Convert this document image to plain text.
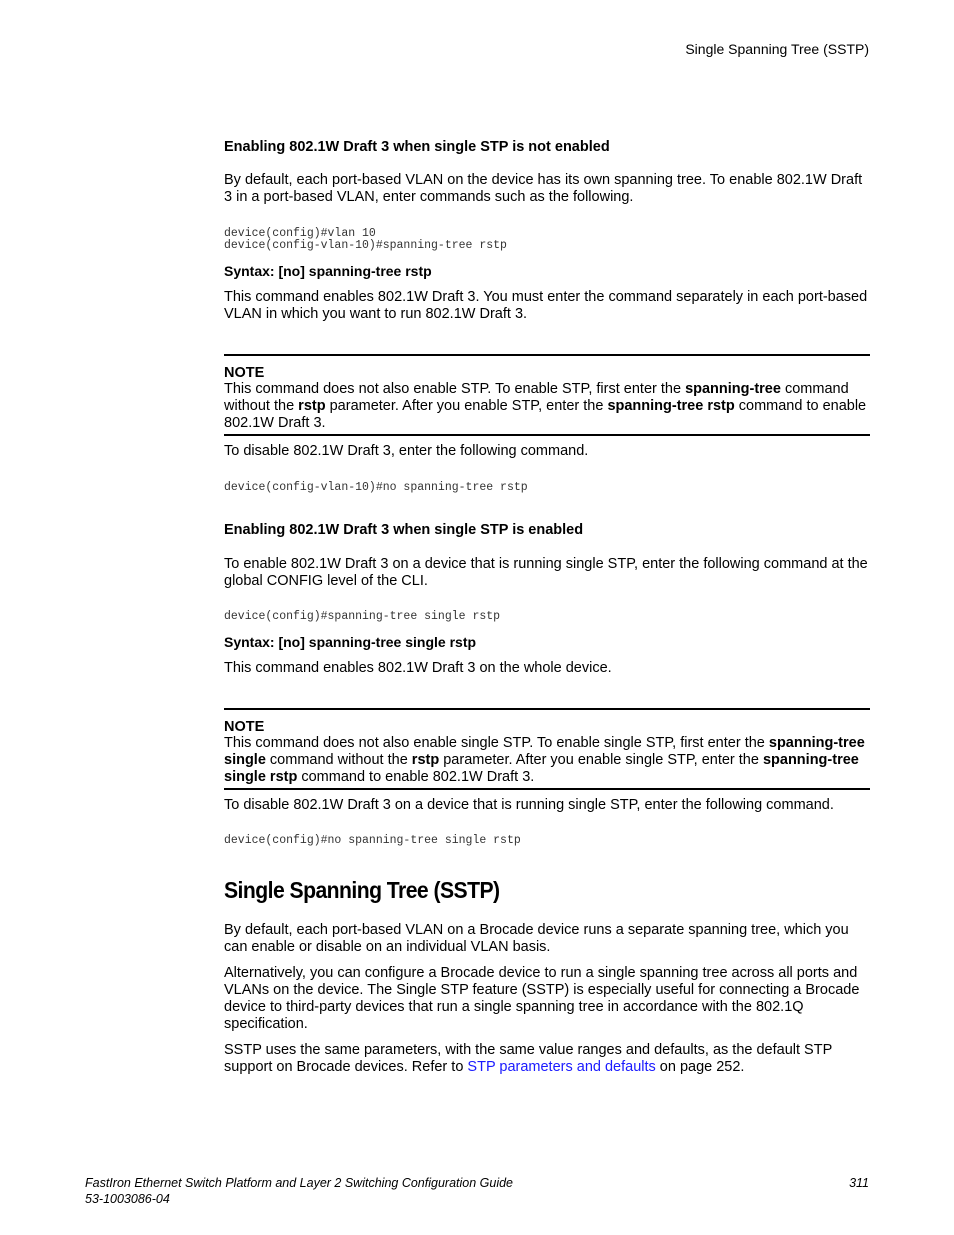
Single Spanning Tree (SSTP)
Enabling 802.1W Draft 3 when single STP is not enabled
By default, each port-based VLAN on the device has its own spanning tree. To enable 802.1W Draft 3 in a port-based VLAN, enter commands such as the following.
device(config)#vlan 10
device(config-vlan-10)#spanning-tree rstp
Syntax: [no] spanning-tree rstp
This command enables 802.1W Draft 3. You must enter the command separately in each port-based VLAN in which you want to run 802.1W Draft 3.
NOTE
This command does not also enable STP. To enable STP, first enter the spanning-tree command without the rstp parameter. After you enable STP, enter the spanning-tree rstp command to enable 802.1W Draft 3.
To disable 802.1W Draft 3, enter the following command.
device(config-vlan-10)#no spanning-tree rstp
Enabling 802.1W Draft 3 when single STP is enabled
To enable 802.1W Draft 3 on a device that is running single STP, enter the following command at the global CONFIG level of the CLI.
device(config)#spanning-tree single rstp
Syntax: [no] spanning-tree single rstp
This command enables 802.1W Draft 3 on the whole device.
NOTE
This command does not also enable single STP. To enable single STP, first enter the spanning-tree single command without the rstp parameter. After you enable single STP, enter the spanning-tree single rstp command to enable 802.1W Draft 3.
To disable 802.1W Draft 3 on a device that is running single STP, enter the following command.
device(config)#no spanning-tree single rstp
Single Spanning Tree (SSTP)
By default, each port-based VLAN on a Brocade device runs a separate spanning tree, which you can enable or disable on an individual VLAN basis.
Alternatively, you can configure a Brocade device to run a single spanning tree across all ports and VLANs on the device. The Single STP feature (SSTP) is especially useful for connecting a Brocade device to third-party devices that run a single spanning tree in accordance with the 802.1Q specification.
SSTP uses the same parameters, with the same value ranges and defaults, as the default STP support on Brocade devices. Refer to STP parameters and defaults on page 252.
FastIron Ethernet Switch Platform and Layer 2 Switching Configuration Guide
53-1003086-04
311
